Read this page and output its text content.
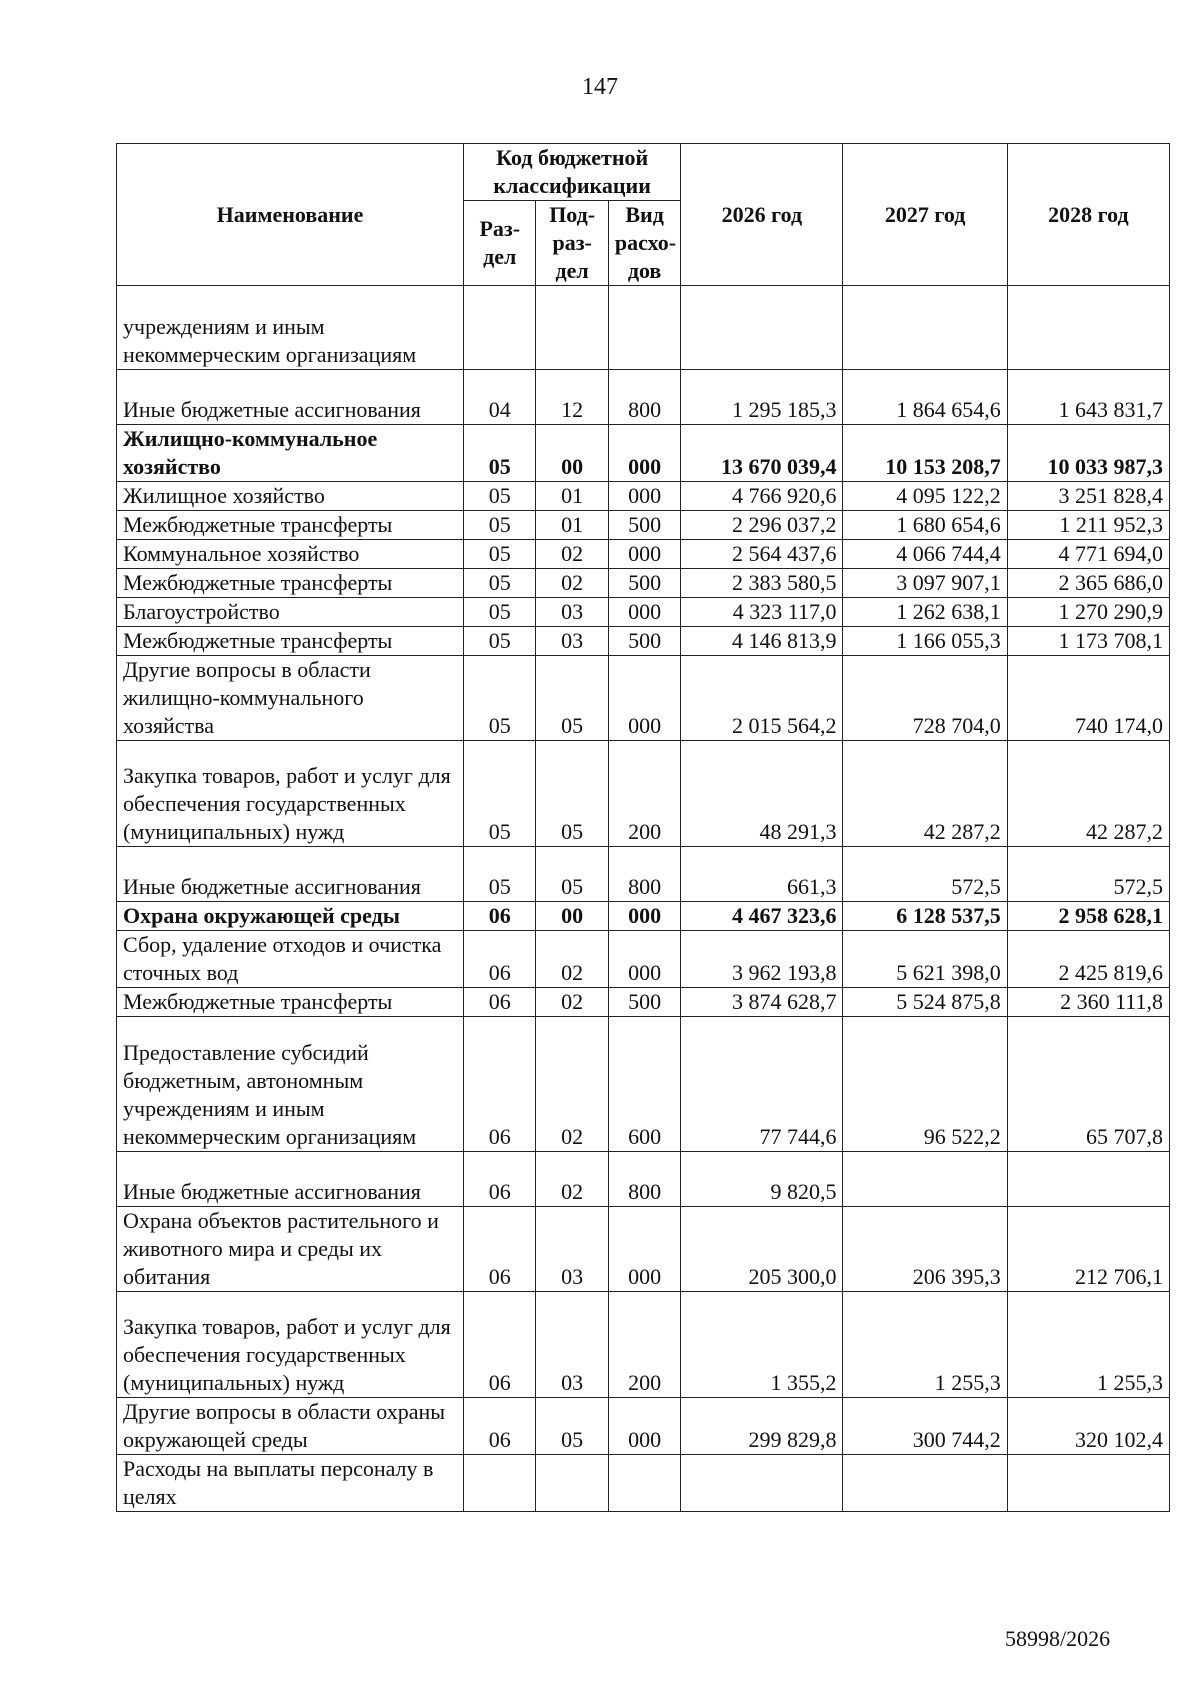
147
Наименование	Код бюджетной классификации			2026 год	2027 год	2028 год
	Раз-дел	Под-раз-дел	Вид расхо-дов			
учреждениям и иным некоммерческим организациям						
Иные бюджетные ассигнования	04	12	800	1 295 185,3	1 864 654,6	1 643 831,7
Жилищно-коммунальное хозяйство	05	00	000	13 670 039,4	10 153 208,7	10 033 987,3
Жилищное хозяйство	05	01	000	4 766 920,6	4 095 122,2	3 251 828,4
Межбюджетные трансферты	05	01	500	2 296 037,2	1 680 654,6	1 211 952,3
Коммунальное хозяйство	05	02	000	2 564 437,6	4 066 744,4	4 771 694,0
Межбюджетные трансферты	05	02	500	2 383 580,5	3 097 907,1	2 365 686,0
Благоустройство	05	03	000	4 323 117,0	1 262 638,1	1 270 290,9
Межбюджетные трансферты	05	03	500	4 146 813,9	1 166 055,3	1 173 708,1
Другие вопросы в области жилищно-коммунального хозяйства	05	05	000	2 015 564,2	728 704,0	740 174,0
Закупка товаров, работ и услуг для обеспечения государственных (муниципальных) нужд	05	05	200	48 291,3	42 287,2	42 287,2
Иные бюджетные ассигнования	05	05	800	661,3	572,5	572,5
Охрана окружающей среды	06	00	000	4 467 323,6	6 128 537,5	2 958 628,1
Сбор, удаление отходов и очистка сточных вод	06	02	000	3 962 193,8	5 621 398,0	2 425 819,6
Межбюджетные трансферты	06	02	500	3 874 628,7	5 524 875,8	2 360 111,8
Предоставление субсидий бюджетным, автономным учреждениям и иным некоммерческим организациям	06	02	600	77 744,6	96 522,2	65 707,8
Иные бюджетные ассигнования	06	02	800	9 820,5		
Охрана объектов растительного и животного мира и среды их обитания	06	03	000	205 300,0	206 395,3	212 706,1
Закупка товаров, работ и услуг для обеспечения государственных (муниципальных) нужд	06	03	200	1 355,2	1 255,3	1 255,3
Другие вопросы в области охраны окружающей среды	06	05	000	299 829,8	300 744,2	320 102,4
Расходы на выплаты персоналу в целях						
58998/2026
